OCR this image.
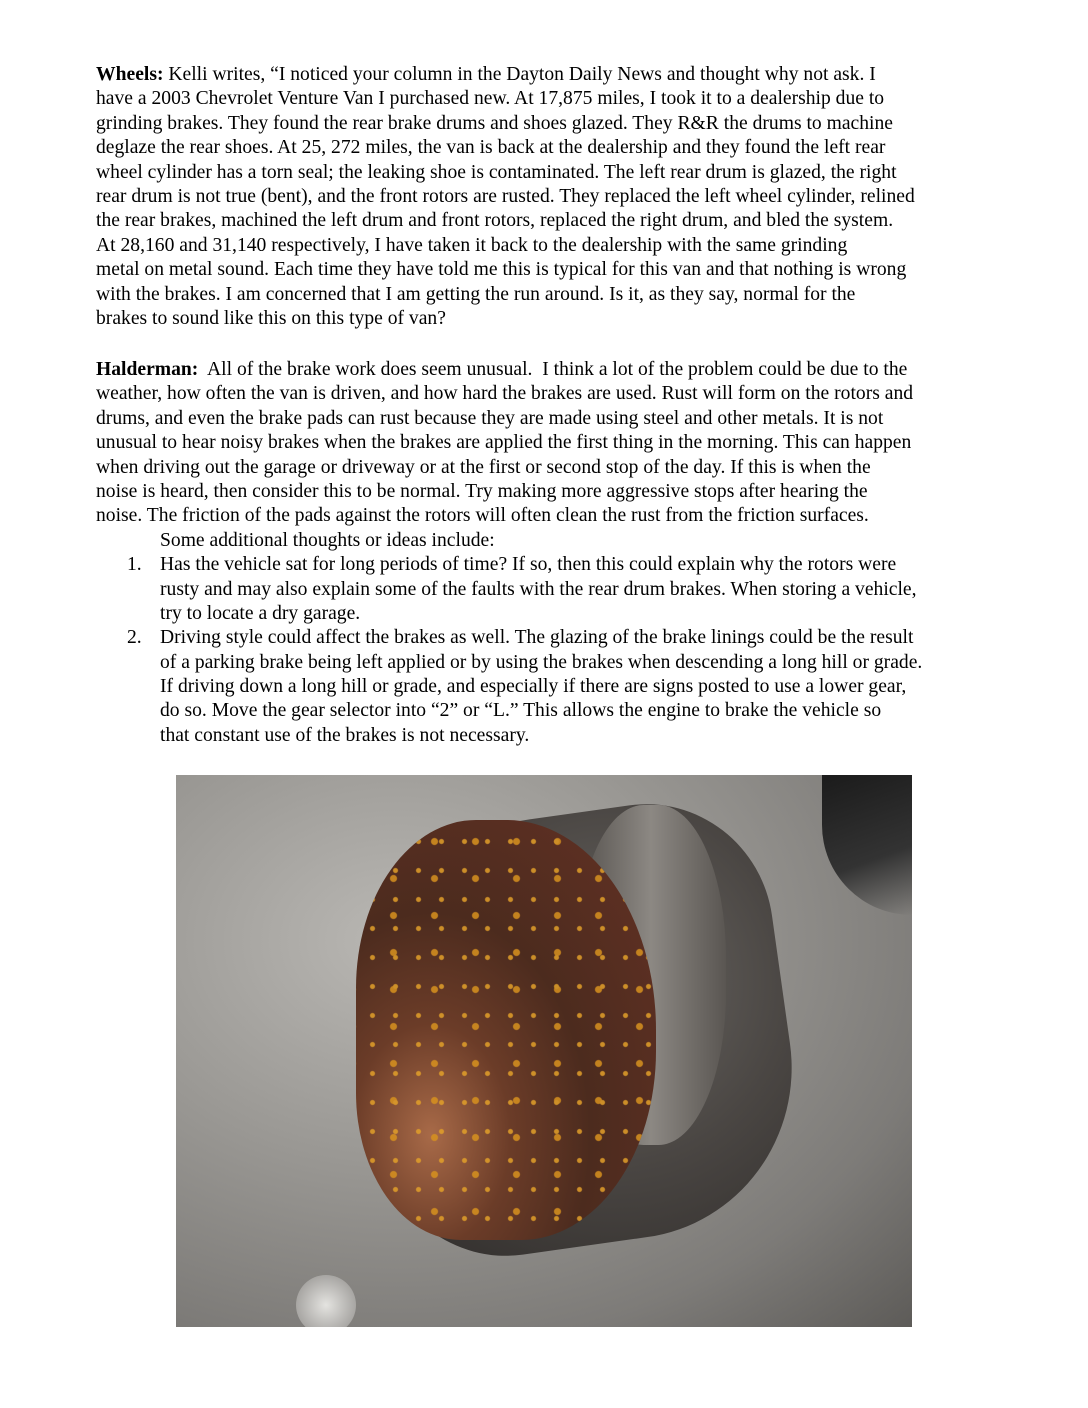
Wheels: Kelli writes, “I noticed your column in the Dayton Daily News and thought why not ask. I
have a 2003 Chevrolet Venture Van I purchased new. At 17,875 miles, I took it to a dealership due to
grinding brakes. They found the rear brake drums and shoes glazed. They R&R the drums to machine
deglaze the rear shoes. At 25, 272 miles, the van is back at the dealership and they found the left rear
wheel cylinder has a torn seal; the leaking shoe is contaminated. The left rear drum is glazed, the right
rear drum is not true (bent), and the front rotors are rusted. They replaced the left wheel cylinder, relined
the rear brakes, machined the left drum and front rotors, replaced the right drum, and bled the system.
At 28,160 and 31,140 respectively, I have taken it back to the dealership with the same grinding
metal on metal sound. Each time they have told me this is typical for this van and that nothing is wrong
with the brakes. I am concerned that I am getting the run around. Is it, as they say, normal for the
brakes to sound like this on this type of van?
Halderman:  All of the brake work does seem unusual.  I think a lot of the problem could be due to the
weather, how often the van is driven, and how hard the brakes are used. Rust will form on the rotors and
drums, and even the brake pads can rust because they are made using steel and other metals. It is not
unusual to hear noisy brakes when the brakes are applied the first thing in the morning. This can happen
when driving out the garage or driveway or at the first or second stop of the day. If this is when the
noise is heard, then consider this to be normal. Try making more aggressive stops after hearing the
noise. The friction of the pads against the rotors will often clean the rust from the friction surfaces.
Some additional thoughts or ideas include:
1. Has the vehicle sat for long periods of time? If so, then this could explain why the rotors were
rusty and may also explain some of the faults with the rear drum brakes. When storing a vehicle,
try to locate a dry garage.
2. Driving style could affect the brakes as well. The glazing of the brake linings could be the result
of a parking brake being left applied or by using the brakes when descending a long hill or grade.
If driving down a long hill or grade, and especially if there are signs posted to use a lower gear,
do so. Move the gear selector into “2” or “L.” This allows the engine to brake the vehicle so
that constant use of the brakes is not necessary.
